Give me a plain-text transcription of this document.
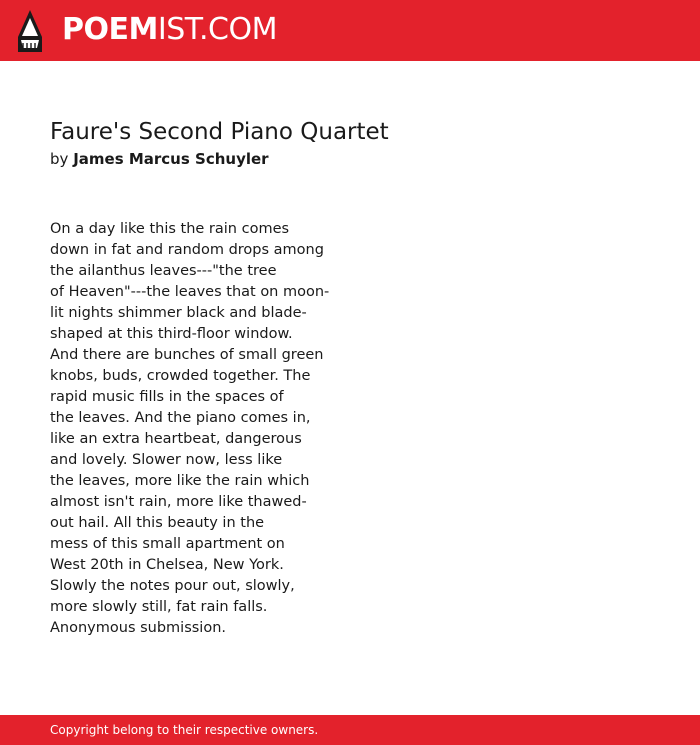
POEMIST.COM
Faure's Second Piano Quartet
by James Marcus Schuyler
On a day like this the rain comes
down in fat and random drops among
the ailanthus leaves---"the tree
of Heaven"---the leaves that on moon-
lit nights shimmer black and blade-
shaped at this third-floor window.
And there are bunches of small green
knobs, buds, crowded together. The
rapid music fills in the spaces of
the leaves. And the piano comes in,
like an extra heartbeat, dangerous
and lovely. Slower now, less like
the leaves, more like the rain which
almost isn't rain, more like thawed-
out hail. All this beauty in the
mess of this small apartment on
West 20th in Chelsea, New York.
Slowly the notes pour out, slowly,
more slowly still, fat rain falls.
Anonymous submission.
Copyright belong to their respective owners.
